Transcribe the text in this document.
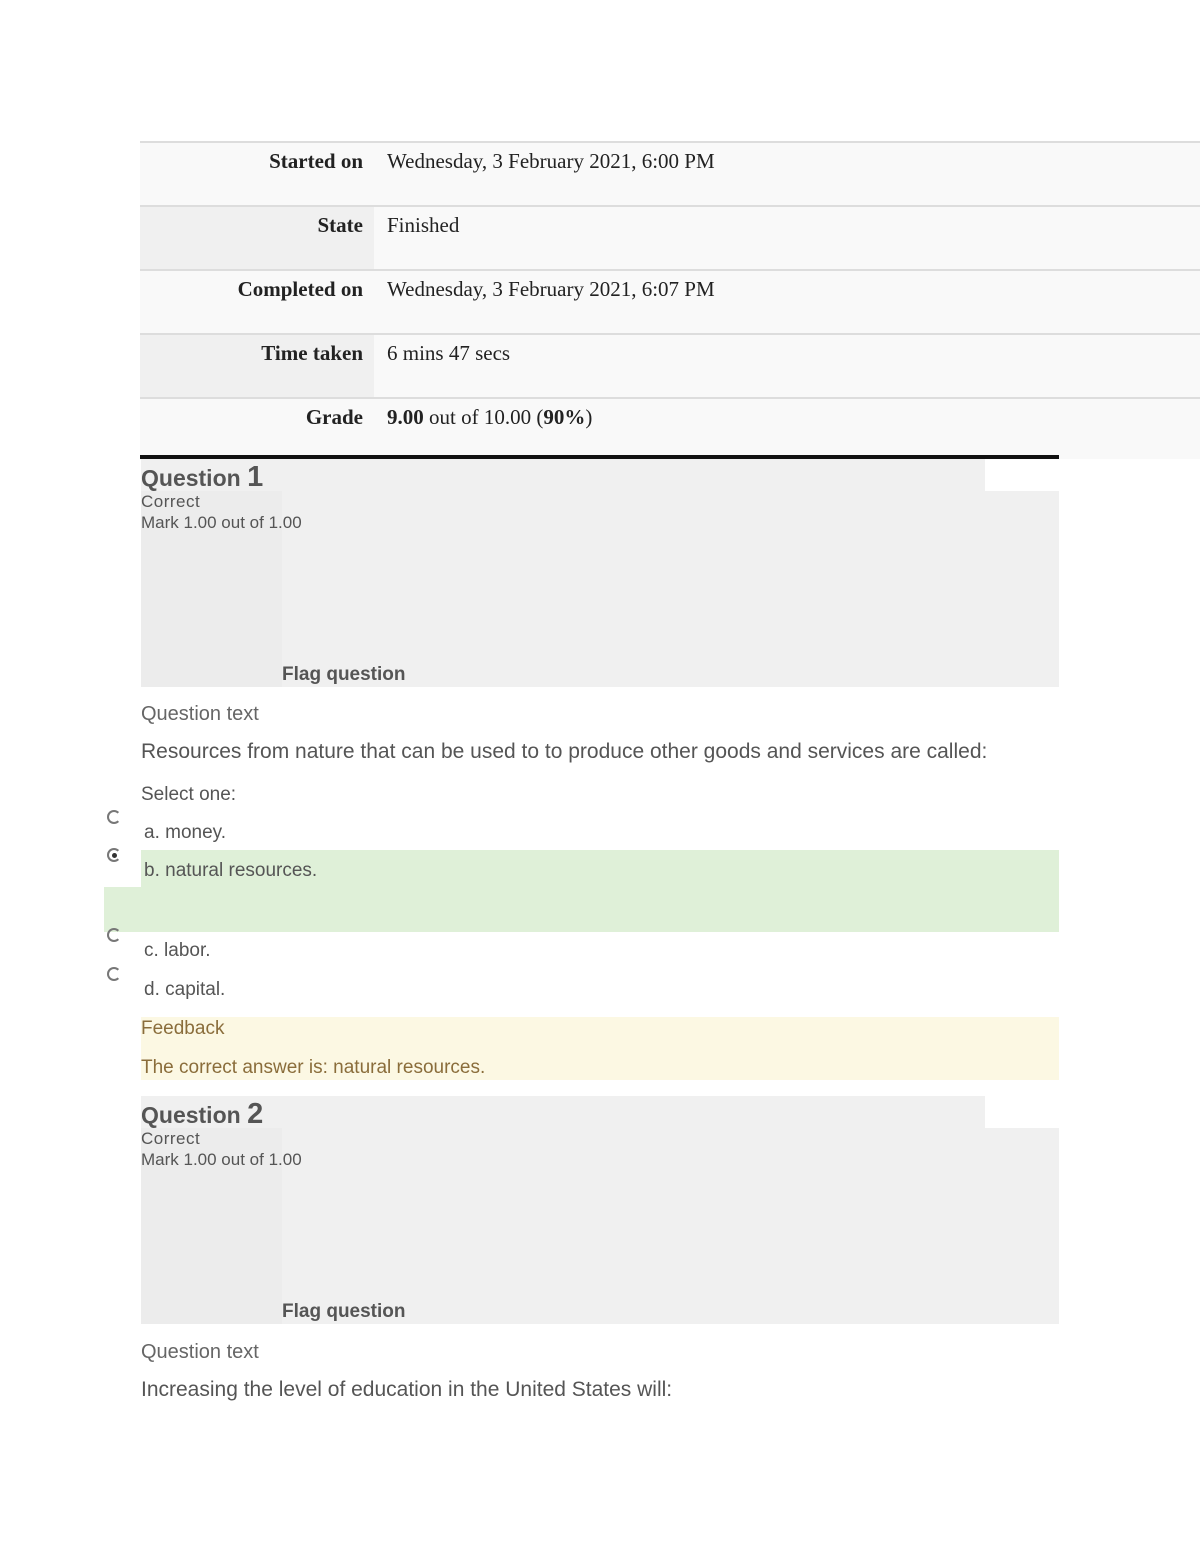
Started on	Wednesday, 3 February 2021, 6:00 PM
State	Finished
Completed on	Wednesday, 3 February 2021, 6:07 PM
Time taken	6 mins 47 secs
Grade	9.00 out of 10.00 (90%)
Question 1
Correct
Mark 1.00 out of 1.00
Flag question
Question text
Resources from nature that can be used to to produce other goods and services are called:
Select one:
a. money.
b. natural resources.
c. labor.
d. capital.
Feedback
The correct answer is: natural resources.
Question 2
Correct
Mark 1.00 out of 1.00
Flag question
Question text
Increasing the level of education in the United States will:
